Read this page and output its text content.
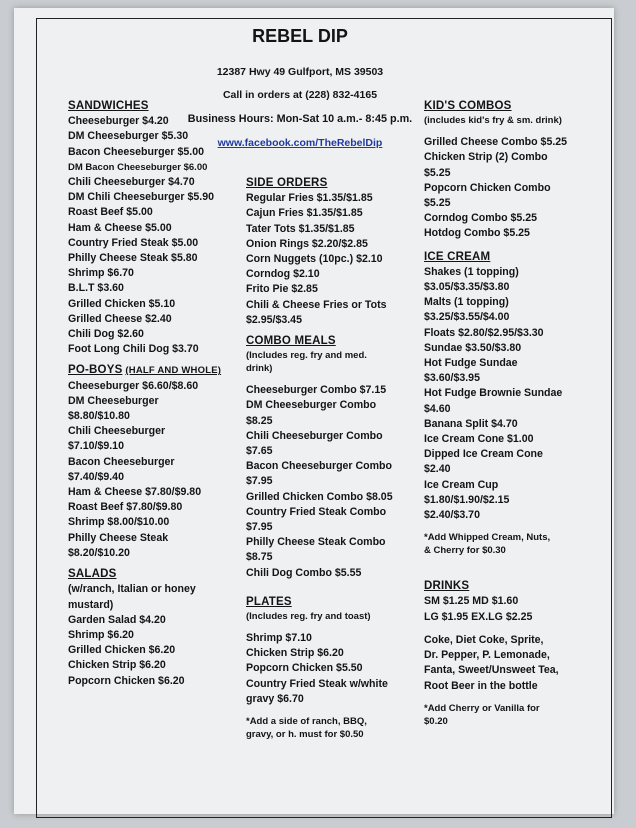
REBEL DIP
12387 Hwy 49 Gulfport, MS 39503
Call in orders at (228) 832-4165
Business Hours: Mon-Sat 10 a.m.- 8:45 p.m.
www.facebook.com/TheRebelDip
SANDWICHES
Cheeseburger $4.20
DM Cheeseburger $5.30
Bacon Cheeseburger $5.00
DM Bacon Cheeseburger $6.00
Chili Cheeseburger $4.70
DM Chili Cheeseburger $5.90
Roast Beef $5.00
Ham & Cheese $5.00
Country Fried Steak $5.00
Philly Cheese Steak $5.80
Shrimp $6.70
B.L.T $3.60
Grilled Chicken $5.10
Grilled Cheese $2.40
Chili Dog $2.60
Foot Long Chili Dog $3.70
PO-BOYS (HALF AND WHOLE)
Cheeseburger $6.60/$8.60
DM Cheeseburger
$8.80/$10.80
Chili Cheeseburger
$7.10/$9.10
Bacon Cheeseburger
$7.40/$9.40
Ham & Cheese $7.80/$9.80
Roast Beef $7.80/$9.80
Shrimp $8.00/$10.00
Philly Cheese Steak
$8.20/$10.20
SALADS
(w/ranch, Italian or honey
mustard)
Garden Salad $4.20
Shrimp $6.20
Grilled Chicken $6.20
Chicken Strip $6.20
Popcorn Chicken $6.20
SIDE ORDERS
Regular Fries $1.35/$1.85
Cajun Fries $1.35/$1.85
Tater Tots $1.35/$1.85
Onion Rings $2.20/$2.85
Corn Nuggets (10pc.) $2.10
Corndog $2.10
Frito Pie $2.85
Chili & Cheese Fries or Tots
$2.95/$3.45
COMBO MEALS
(Includes reg. fry and med.
drink)
Cheeseburger Combo $7.15
DM Cheeseburger Combo
$8.25
Chili Cheeseburger Combo
$7.65
Bacon Cheeseburger Combo
$7.95
Grilled Chicken Combo $8.05
Country Fried Steak Combo
$7.95
Philly Cheese Steak Combo
$8.75
Chili Dog Combo $5.55
PLATES
(Includes reg. fry and toast)
Shrimp $7.10
Chicken Strip $6.20
Popcorn Chicken $5.50
Country Fried Steak w/white
gravy $6.70
*Add a side of ranch, BBQ,
gravy, or h. must for $0.50
KID'S COMBOS
(includes kid's fry & sm. drink)
Grilled Cheese Combo $5.25
Chicken Strip (2) Combo
$5.25
Popcorn Chicken Combo
$5.25
Corndog Combo $5.25
Hotdog Combo $5.25
ICE CREAM
Shakes (1 topping)
$3.05/$3.35/$3.80
Malts (1 topping)
$3.25/$3.55/$4.00
Floats $2.80/$2.95/$3.30
Sundae $3.50/$3.80
Hot Fudge Sundae
$3.60/$3.95
Hot Fudge Brownie Sundae
$4.60
Banana Split $4.70
Ice Cream Cone $1.00
Dipped Ice Cream Cone
$2.40
Ice Cream Cup
$1.80/$1.90/$2.15
$2.40/$3.70
*Add Whipped Cream, Nuts,
& Cherry for $0.30
DRINKS
SM $1.25 MD $1.60
LG $1.95 EX.LG $2.25
Coke, Diet Coke, Sprite,
Dr. Pepper, P. Lemonade,
Fanta, Sweet/Unsweet Tea,
Root Beer in the bottle
*Add Cherry or Vanilla for
$0.20
